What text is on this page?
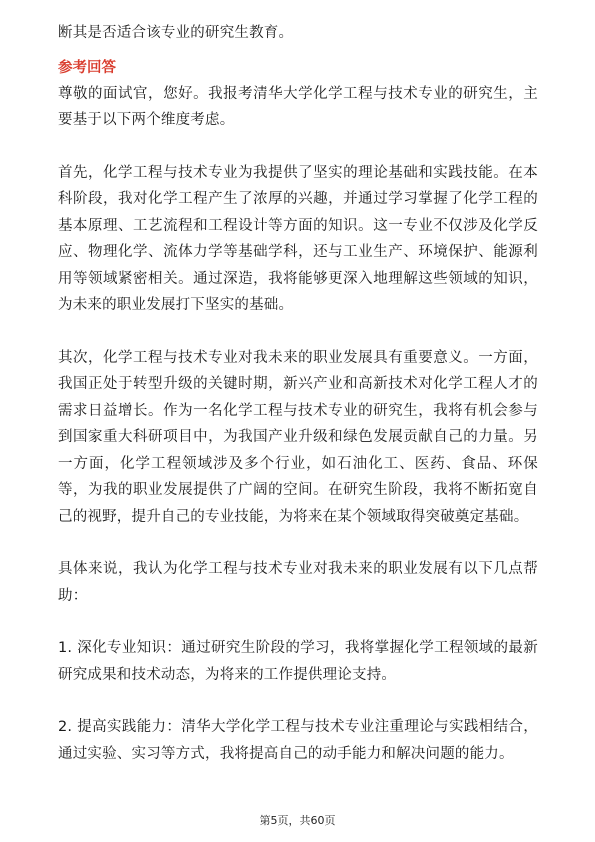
断其是否适合该专业的研究生教育。

参考回答

尊敬的面试官，您好。我报考清华大学化学工程与技术专业的研究生，主要基于以下两个维度考虑。

首先，化学工程与技术专业为我提供了坚实的理论基础和实践技能。在本科阶段，我对化学工程产生了浓厚的兴趣，并通过学习掌握了化学工程的基本原理、工艺流程和工程设计等方面的知识。这一专业不仅涉及化学反应、物理化学、流体力学等基础学科，还与工业生产、环境保护、能源利用等领域紧密相关。通过深造，我将能够更深入地理解这些领域的知识，为未来的职业发展打下坚实的基础。

其次，化学工程与技术专业对我未来的职业发展具有重要意义。一方面，我国正处于转型升级的关键时期，新兴产业和高新技术对化学工程人才的需求日益增长。作为一名化学工程与技术专业的研究生，我将有机会参与到国家重大科研项目中，为我国产业升级和绿色发展贡献自己的力量。另一方面，化学工程领域涉及多个行业，如石油化工、医药、食品、环保等，为我的职业发展提供了广阔的空间。在研究生阶段，我将不断拓宽自己的视野，提升自己的专业技能，为将来在某个领域取得突破奠定基础。

具体来说，我认为化学工程与技术专业对我未来的职业发展有以下几点帮助：

1. 深化专业知识：通过研究生阶段的学习，我将掌握化学工程领域的最新研究成果和技术动态，为将来的工作提供理论支持。

2. 提高实践能力：清华大学化学工程与技术专业注重理论与实践相结合，通过实验、实习等方式，我将提高自己的动手能力和解决问题的能力。

第5页，共60页
